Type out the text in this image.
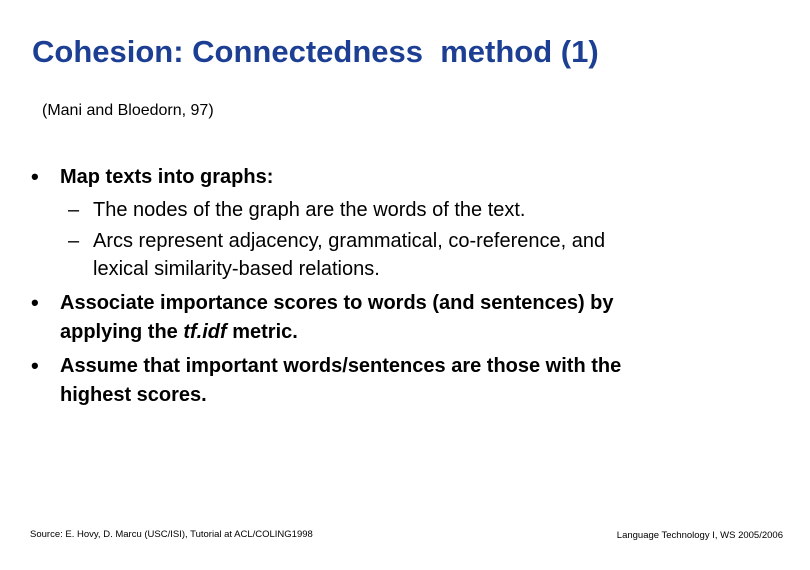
Cohesion: Connectedness  method (1)
(Mani and Bloedorn, 97)
• Map texts into graphs:
– The nodes of the graph are the words of the text.
– Arcs represent adjacency, grammatical, co-reference, and
lexical similarity-based relations.
• Associate importance scores to words (and sentences) by
applying the tf.idf metric.
• Assume that important words/sentences are those with the
highest scores.
Source: E. Hovy, D. Marcu (USC/ISI), Tutorial at ACL/COLING1998	Language Technology I, WS 2005/2006
